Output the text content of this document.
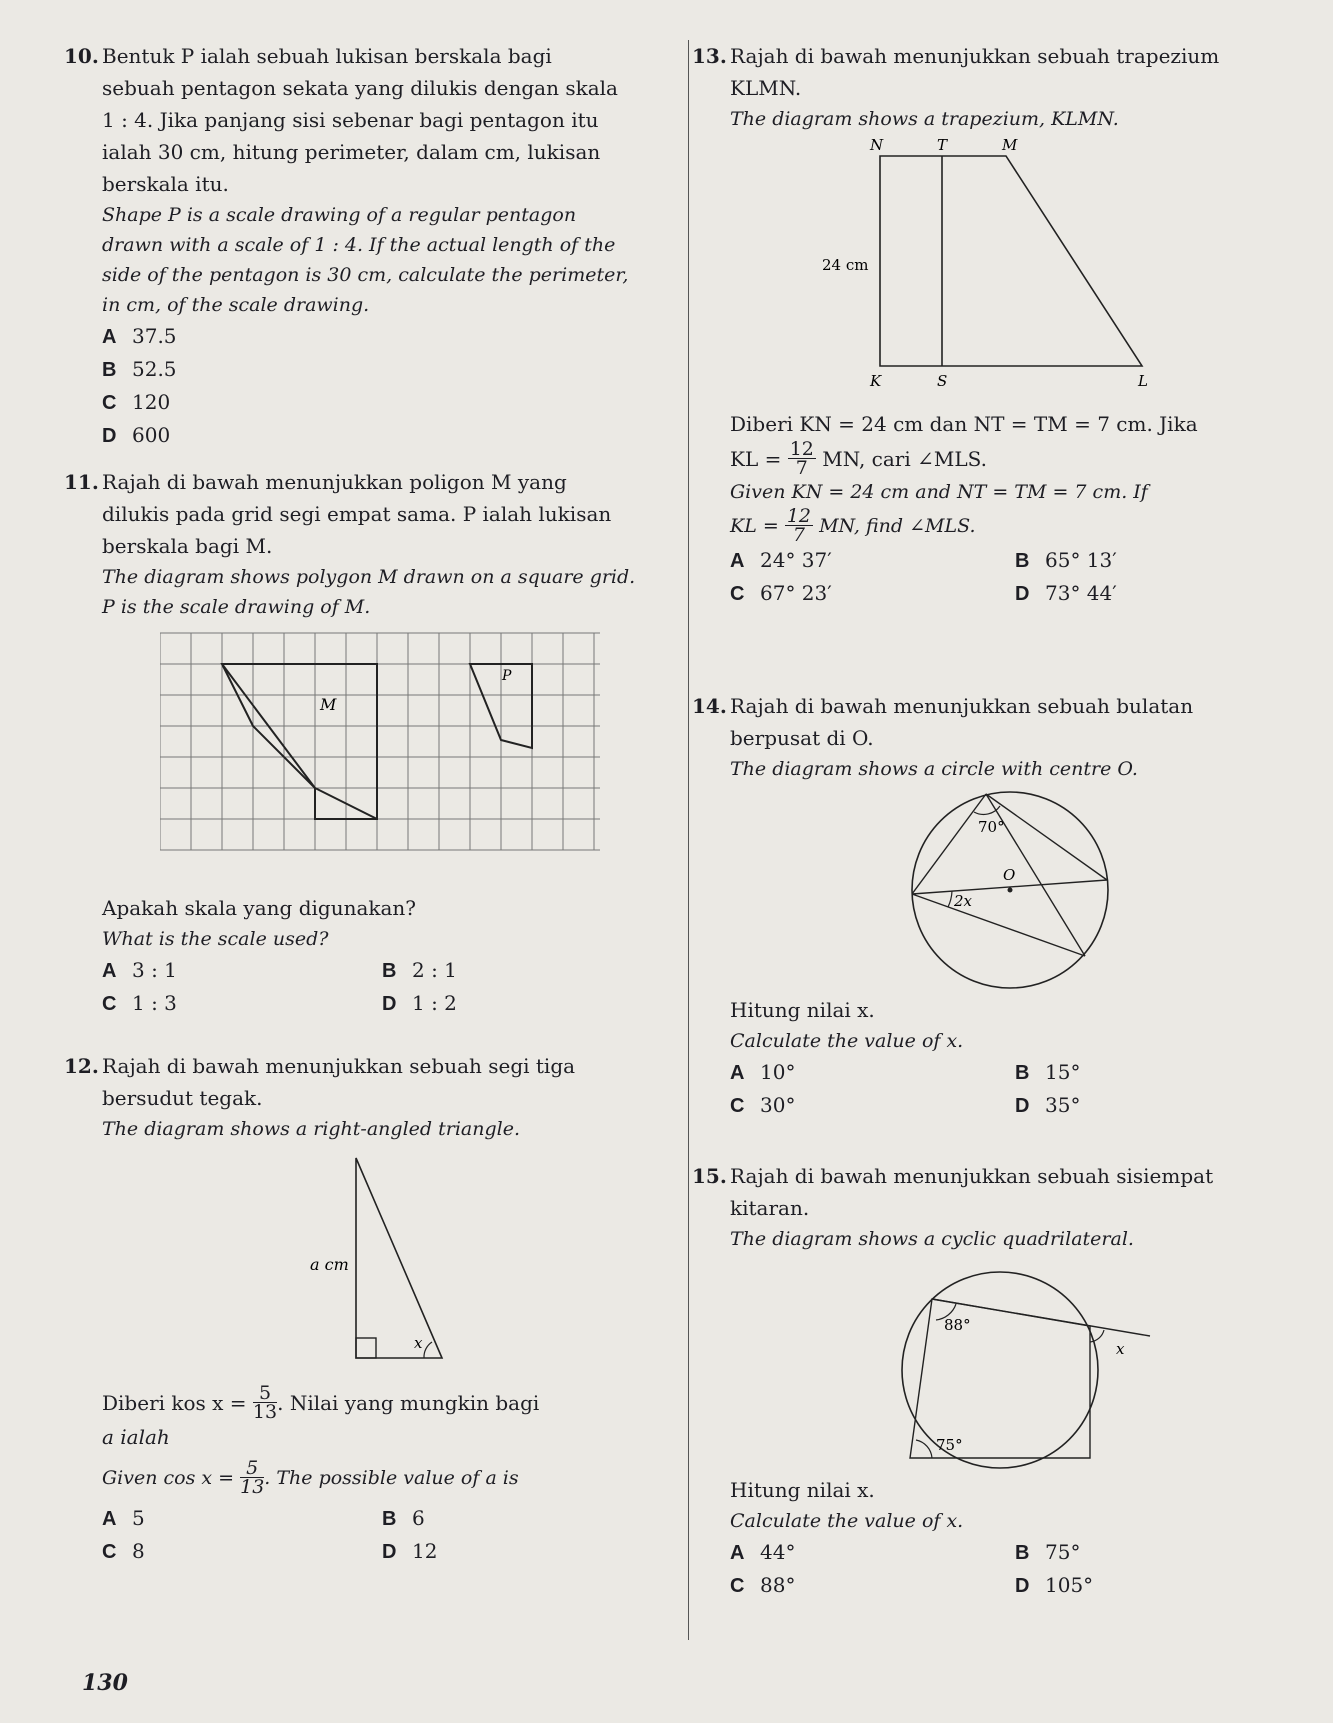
10. Bentuk P ialah sebuah lukisan berskala bagi
sebuah pentagon sekata yang dilukis dengan skala
1 : 4. Jika panjang sisi sebenar bagi pentagon itu
ialah 30 cm, hitung perimeter, dalam cm, lukisan
berskala itu.
Shape P is a scale drawing of a regular pentagon
drawn with a scale of 1 : 4. If the actual length of the
side of the pentagon is 30 cm, calculate the perimeter,
in cm, of the scale drawing.
A 37.5
B 52.5
C 120
D 600
11. Rajah di bawah menunjukkan poligon M yang
dilukis pada grid segi empat sama. P ialah lukisan
berskala bagi M.
The diagram shows polygon M drawn on a square grid.
P is the scale drawing of M.
M
P
Apakah skala yang digunakan?
What is the scale used?
A 3 : 1	B 2 : 1
C 1 : 3	D 1 : 2
12. Rajah di bawah menunjukkan sebuah segi tiga
bersudut tegak.
The diagram shows a right-angled triangle.
a cm
x
Diberi kos x =
$\frac{5}{13}$ . Nilai yang mungkin bagi
a ialah
Given cos x =
$\frac{5}{13}$ . The possible value of a is
A 5	B 6
C 8	D 12
13. Rajah di bawah menunjukkan sebuah trapezium
KLMN.
The diagram shows a trapezium, KLMN.
N	T	M
K	S	L
24 cm
Diberi KN = 24 cm dan NT = TM = 7 cm. Jika
KL =
$\frac{12}{7}$
MN, cari ∠MLS.
Given KN = 24 cm and NT = TM = 7 cm. If
KL =
$\frac{12}{7}$
MN, find ∠MLS.
A 24° 37′	B 65° 13′
C 67° 23′	D 73° 44′
14. Rajah di bawah menunjukkan sebuah bulatan
berpusat di O.
The diagram shows a circle with centre O.
70°
O
2x
Hitung nilai x.
Calculate the value of x.
A 10°	B 15°
C 30°	D 35°
15. Rajah di bawah menunjukkan sebuah sisiempat
kitaran.
The diagram shows a cyclic quadrilateral.
88°
x
75°
Hitung nilai x.
Calculate the value of x.
A 44°	B 75°
C 88°	D 105°
130
